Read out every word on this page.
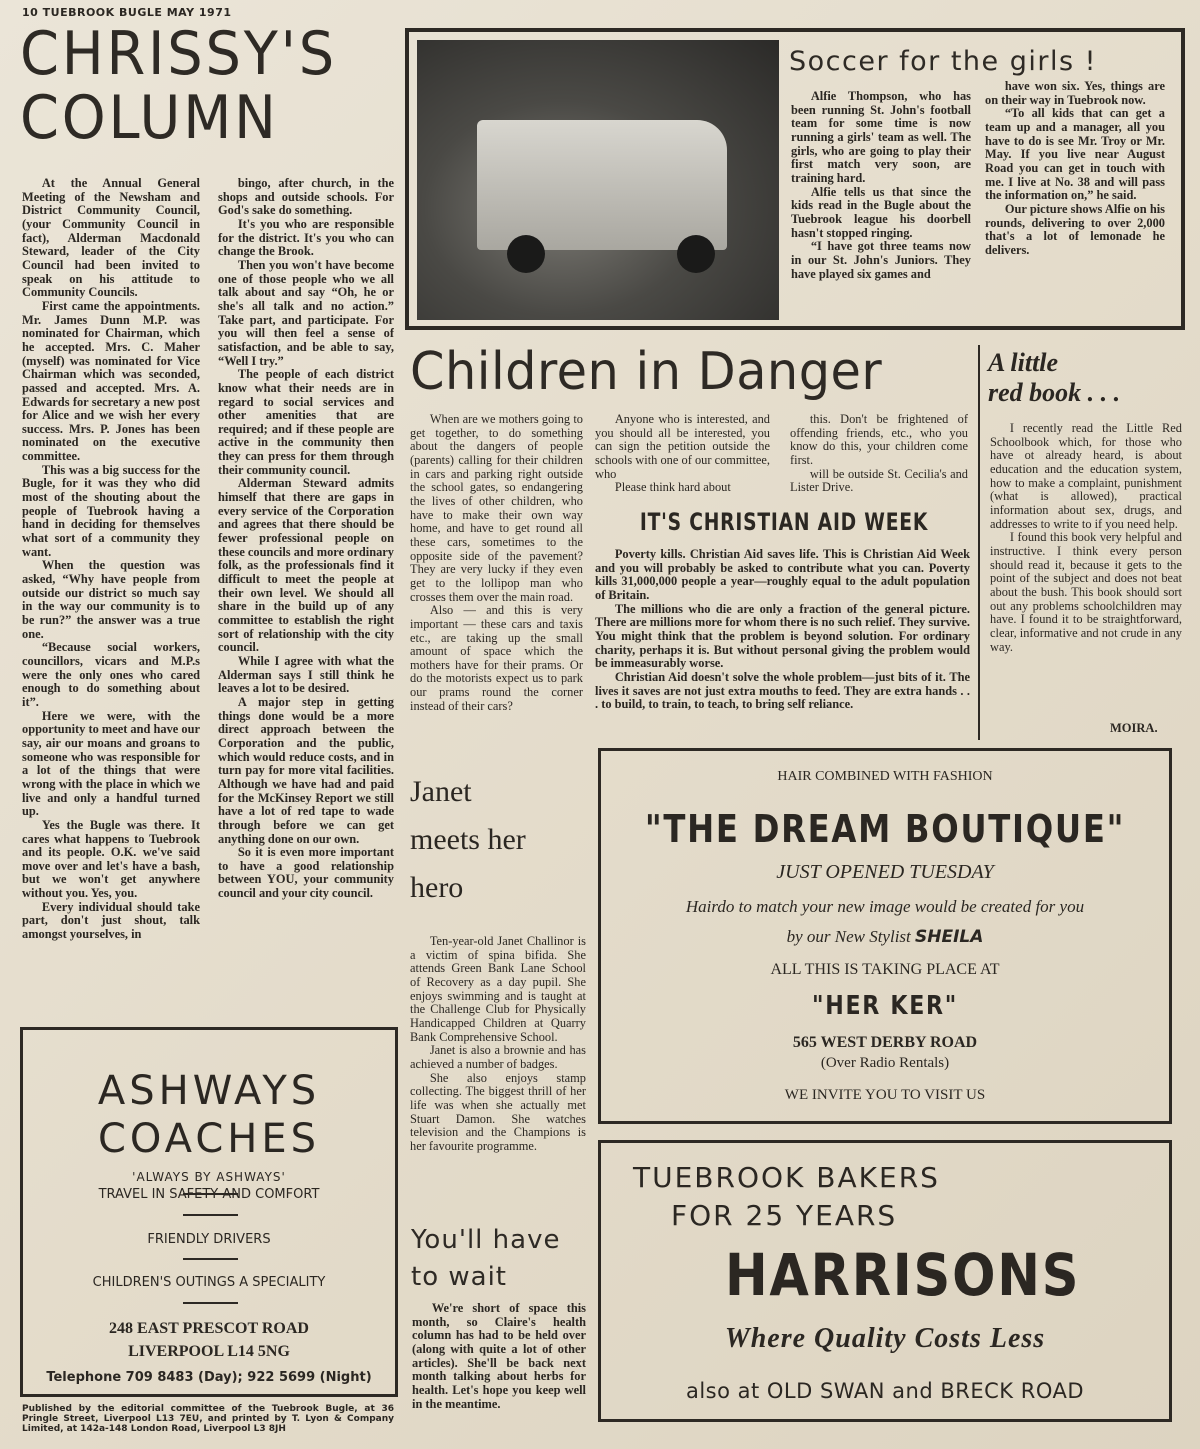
10 TUEBROOK BUGLE MAY 1971
CHRISSY'S
COLUMN

At the Annual General Meeting of the Newsham and District Community Council, (your Community Council in fact), Alderman Macdonald Steward, leader of the City Council had been invited to speak on his attitude to Community Councils.

First came the appointments. Mr. James Dunn M.P. was nominated for Chairman, which he accepted. Mrs. C. Maher (myself) was nominated for Vice Chairman which was seconded, passed and accepted. Mrs. A. Edwards for secretary a new post for Alice and we wish her every success. Mrs. P. Jones has been nominated on the executive committee.

This was a big success for the Bugle, for it was they who did most of the shouting about the people of Tuebrook having a hand in deciding for themselves what sort of a community they want.

When the question was asked, “Why have people from outside our district so much say in the way our community is to be run?” the answer was a true one.

“Because social workers, councillors, vicars and M.P.s were the only ones who cared enough to do something about it”.

Here we were, with the opportunity to meet and have our say, air our moans and groans to someone who was responsible for a lot of the things that were wrong with the place in which we live and only a handful turned up.

Yes the Bugle was there. It cares what happens to Tuebrook and its people. O.K. we've said move over and let's have a bash, but we won't get anywhere without you. Yes, you.

Every individual should take part, don't just shout, talk amongst yourselves, in

bingo, after church, in the shops and outside schools. For God's sake do something.

It's you who are responsible for the district. It's you who can change the Brook.

Then you won't have become one of those people who we all talk about and say “Oh, he or she's all talk and no action.” Take part, and participate. For you will then feel a sense of satisfaction, and be able to say, “Well I try.”

The people of each district know what their needs are in regard to social services and other amenities that are required; and if these people are active in the community then they can press for them through their community council.

Alderman Steward admits himself that there are gaps in every service of the Corporation and agrees that there should be fewer professional people on these councils and more ordinary folk, as the professionals find it difficult to meet the people at their own level. We should all share in the build up of any committee to establish the right sort of relationship with the city council.

While I agree with what the Alderman says I still think he leaves a lot to be desired.

A major step in getting things done would be a more direct approach between the Corporation and the public, which would reduce costs, and in turn pay for more vital facilities. Although we have had and paid for the McKinsey Report we still have a lot of red tape to wade through before we can get anything done on our own.

So it is even more important to have a good relationship between YOU, your community council and your city council.

ASHWAYS
COACHES
'ALWAYS BY ASHWAYS'
TRAVEL IN SAFETY AND COMFORT
FRIENDLY DRIVERS
CHILDREN'S OUTINGS A SPECIALITY
248 EAST PRESCOT ROAD
LIVERPOOL L14 5NG
Telephone 709 8483 (Day); 922 5699 (Night)
Published by the editorial committee of the Tuebrook Bugle, at 36 Pringle Street, Liverpool L13 7EU, and printed by T. Lyon & Company Limited, at 142a-148 London Road, Liverpool L3 8JH
Soccer for the girls !

Alfie Thompson, who has been running St. John's football team for some time is now running a girls' team as well. The girls, who are going to play their first match very soon, are training hard.

Alfie tells us that since the kids read in the Bugle about the Tuebrook league his doorbell hasn't stopped ringing.

“I have got three teams now in our St. John's Juniors. They have played six games and

have won six. Yes, things are on their way in Tuebrook now.

“To all kids that can get a team up and a manager, all you have to do is see Mr. Troy or Mr. May. If you live near August Road you can get in touch with me. I live at No. 38 and will pass the information on,” he said.

Our picture shows Alfie on his rounds, delivering to over 2,000 that's a lot of lemonade he delivers.

Children in Danger

When are we mothers going to get together, to do something about the dangers of people (parents) calling for their children in cars and parking right outside the school gates, so endangering the lives of other children, who have to make their own way home, and have to get round all these cars, sometimes to the opposite side of the pavement? They are very lucky if they even get to the lollipop man who crosses them over the main road.

Also — and this is very important — these cars and taxis etc., are taking up the small amount of space which the mothers have for their prams. Or do the motorists expect us to park our prams round the corner instead of their cars?

Anyone who is interested, and you should all be interested, you can sign the petition outside the schools with one of our committee, who

Please think hard about

this. Don't be frightened of offending friends, etc., who you know do this, your children come first.

will be outside St. Cecilia's and Lister Drive.

IT'S CHRISTIAN AID WEEK

Poverty kills. Christian Aid saves life. This is Christian Aid Week and you will probably be asked to contribute what you can. Poverty kills 31,000,000 people a year—roughly equal to the adult population of Britain.

The millions who die are only a fraction of the general picture. There are millions more for whom there is no such relief. They survive. You might think that the problem is beyond solution. For ordinary charity, perhaps it is. But without personal giving the problem would be immeasurably worse.

Christian Aid doesn't solve the whole problem—just bits of it. The lives it saves are not just extra mouths to feed. They are extra hands . . . to build, to train, to teach, to bring self reliance.

A little
red book . . .

I recently read the Little Red Schoolbook which, for those who have ot already heard, is about education and the education system, how to make a complaint, punishment (what is allowed), practical information about sex, drugs, and addresses to write to if you need help.

I found this book very helpful and instructive. I think every person should read it, because it gets to the point of the subject and does not beat about the bush. This book should sort out any problems schoolchildren may have. I found it to be straightforward, clear, informative and not crude in any way.

MOIRA.
Janet
meets her
hero

Ten-year-old Janet Challinor is a victim of spina bifida. She attends Green Bank Lane School of Recovery as a day pupil. She enjoys swimming and is taught at the Challenge Club for Physically Handicapped Children at Quarry Bank Comprehensive School.

Janet is also a brownie and has achieved a number of badges.

She also enjoys stamp collecting. The biggest thrill of her life was when she actually met Stuart Damon. She watches television and the Champions is her favourite programme.

You'll have
to wait

We're short of space this month, so Claire's health column has had to be held over (along with quite a lot of other articles). She'll be back next month talking about herbs for health. Let's hope you keep well in the meantime.

HAIR COMBINED WITH FASHION
"THE DREAM BOUTIQUE"
JUST OPENED TUESDAY
Hairdo to match your new image would be created for you
by our New Stylist SHEILA
ALL THIS IS TAKING PLACE AT
"HER KER"
565 WEST DERBY ROAD
(Over Radio Rentals)
WE INVITE YOU TO VISIT US
TUEBROOK BAKERS
FOR 25 YEARS
HARRISONS
Where Quality Costs Less
also at OLD SWAN and BRECK ROAD
